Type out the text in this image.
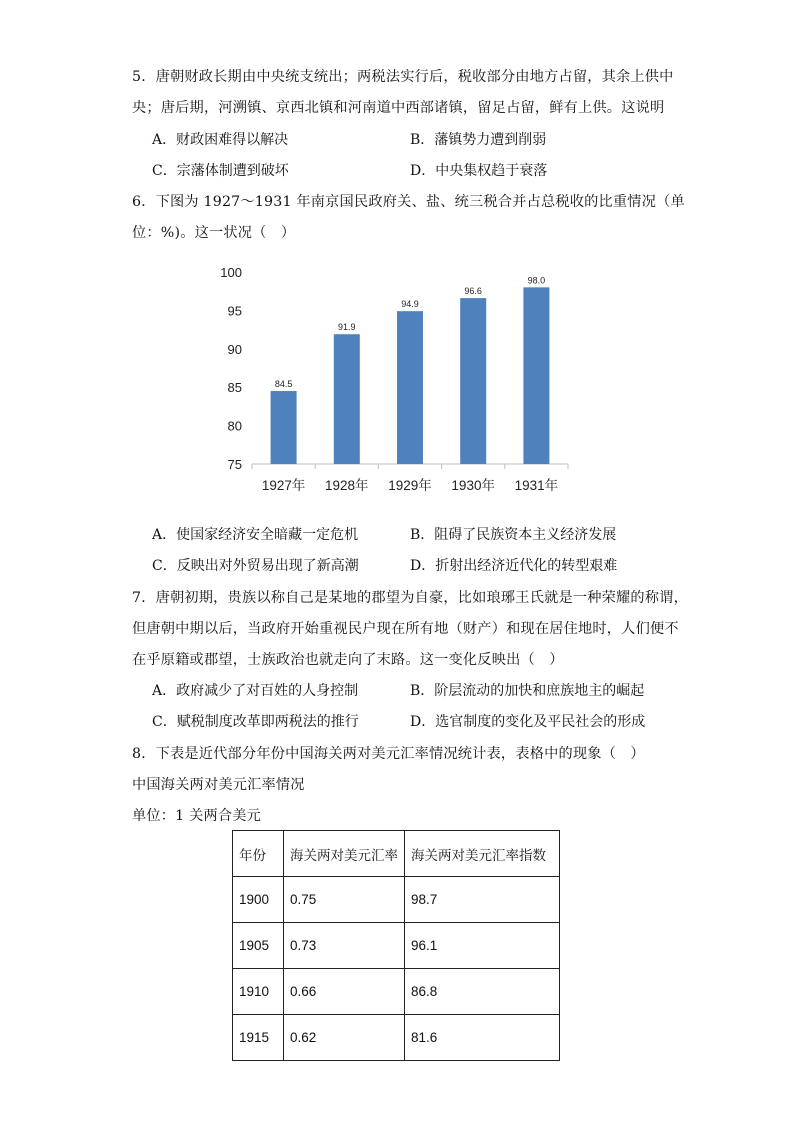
5．唐朝财政长期由中央统支统出；两税法实行后，税收部分由地方占留，其余上供中
央；唐后期，河溯镇、京西北镇和河南道中西部诸镇，留足占留，鲜有上供。这说明
A．财政困难得以解决	B．藩镇势力遭到削弱
C．宗藩体制遭到破坏	D．中央集权趋于衰落
6．下图为 1927～1931 年南京国民政府关、盐、统三税合并占总税收的比重情况（单
位：%)。这一状况（　）
75
80
85
90
95
100
84.5
1927年
91.9
1928年
94.9
1929年
96.6
1930年
98.0
1931年
A．使国家经济安全暗藏一定危机	B．阻碍了民族资本主义经济发展
C．反映出对外贸易出现了新高潮	D．折射出经济近代化的转型艰难
7．唐朝初期，贵族以称自己是某地的郡望为自豪，比如琅琊王氏就是一种荣耀的称谓，
但唐朝中期以后，当政府开始重视民户现在所有地（财产）和现在居住地时，人们便不
在乎原籍或郡望，士族政治也就走向了末路。这一变化反映出（　）
A．政府减少了对百姓的人身控制	B．阶层流动的加快和庶族地主的崛起
C．赋税制度改革即两税法的推行	D．选官制度的变化及平民社会的形成
8．下表是近代部分年份中国海关两对美元汇率情况统计表，表格中的现象（　）
中国海关两对美元汇率情况
单位：1 关两合美元
年份	海关两对美元汇率	海关两对美元汇率指数
1900	0.75	98.7
1905	0.73	96.1
1910	0.66	86.8
1915	0.62	81.6
